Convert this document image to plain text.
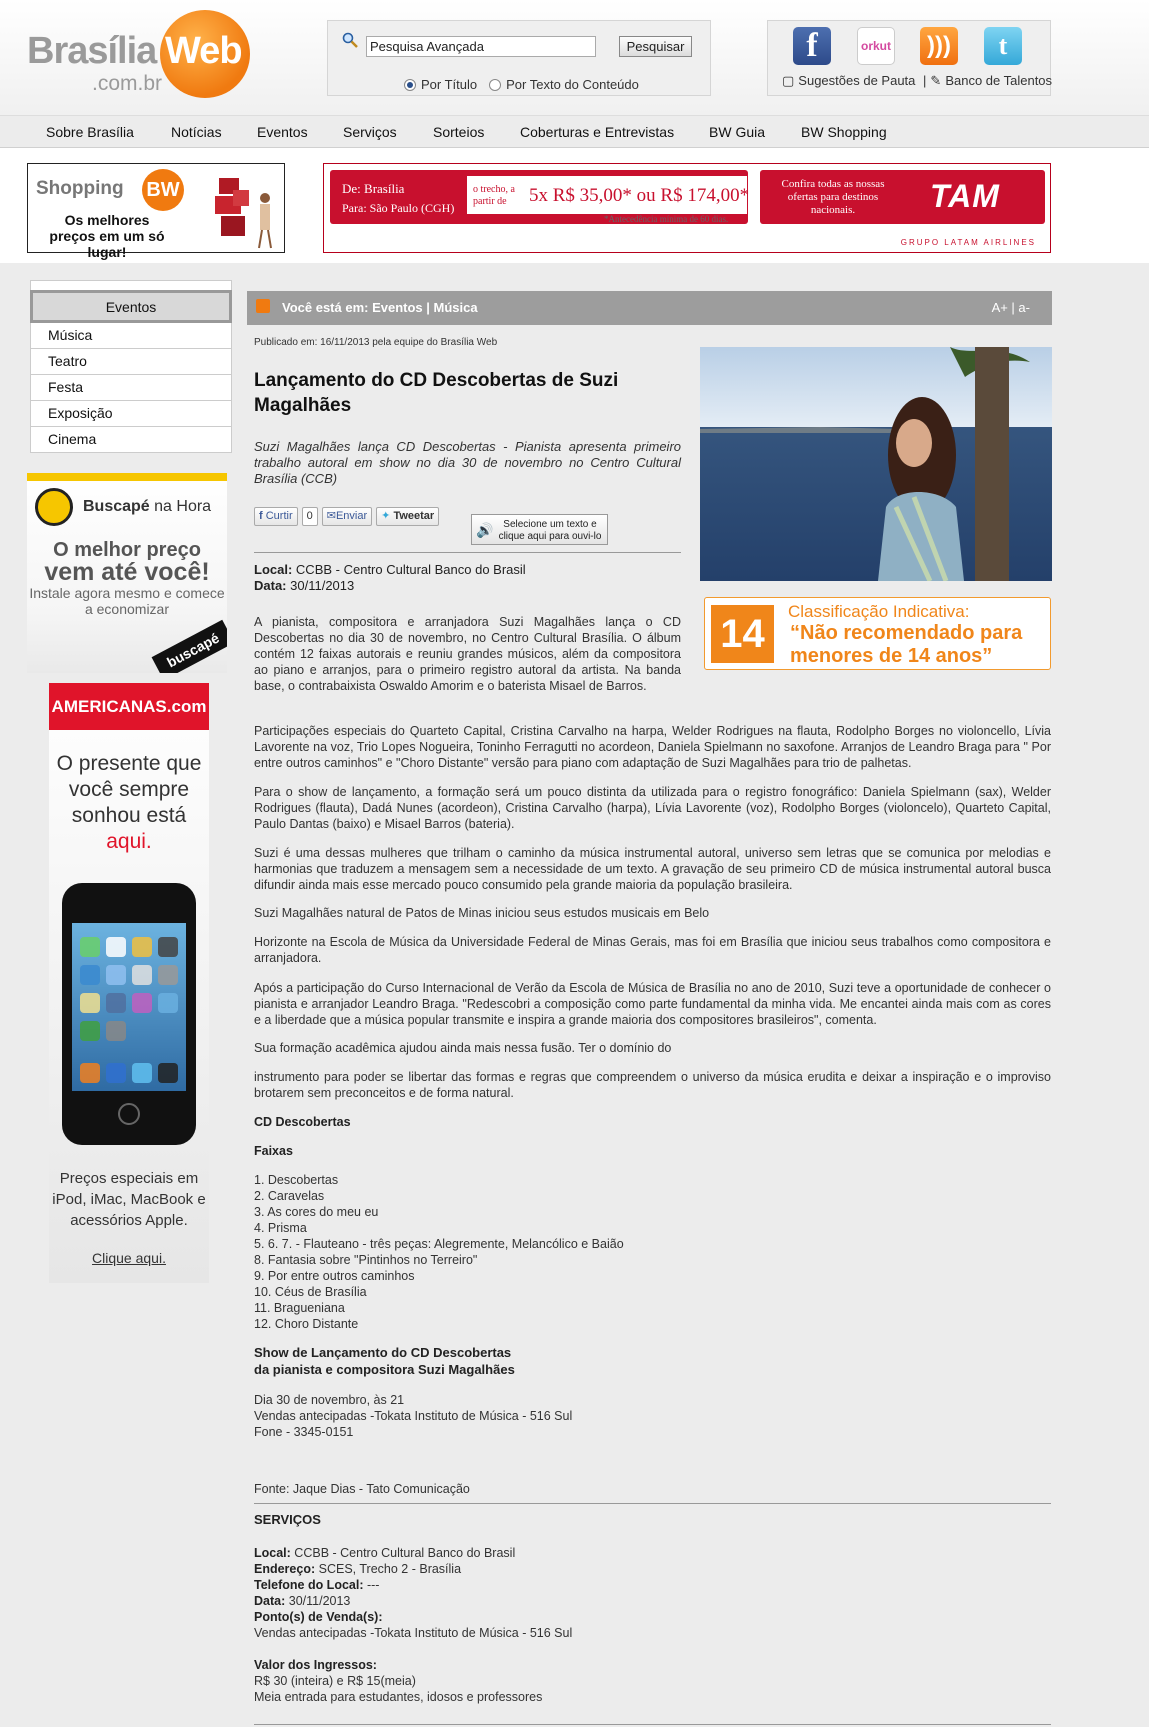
Brasília Web
.com.br
Pesquisa Avançada
Pesquisar
Por Título Por Texto do Conteúdo
f	orkut )))	t
▢ Sugestões de Pauta | ✎ Banco de Talentos
Sobre Brasília	Notícias	Eventos	Serviços	Sorteios	Coberturas e Entrevistas BW Guia	BW Shopping
Shopping BW
Os melhores preços em um só lugar!
De: Brasília
Para: São Paulo (CGH)
o trecho, a partir de	5x R$ 35,00* ou R$ 174,00*
*Antecedência mínima de 60 dias.
Confira todas as nossas ofertas para destinos nacionais.	TAM
GRUPO LATAM AIRLINES
Eventos
Música
Teatro
Festa
Exposição
Cinema
Buscapé na Hora
O melhor preço
vem até você!
Instale agora mesmo e comece a economizar
buscapé
AMERICANAS.com
O presente que você sempre sonhou está aqui.
Preços especiais em iPod, iMac, MacBook e acessórios Apple.
Clique aqui.
Você está em: Eventos | Música	A+ | a-
Publicado em: 16/11/2013 pela equipe do Brasília Web
Lançamento do CD Descobertas de Suzi Magalhães
Suzi Magalhães lança CD Descobertas - Pianista apresenta primeiro trabalho autoral em show no dia 30 de novembro no Centro Cultural Brasília (CCB)
f Curtir	0	✉Enviar	✦ Tweetar
🔊 Selecione um texto e clique aqui para ouvi-lo
Local: CCBB - Centro Cultural Banco do Brasil
Data: 30/11/2013
14	Classificação Indicativa:
“Não recomendado para menores de 14 anos”

A pianista, compositora e arranjadora Suzi Magalhães lança o CD Descobertas no dia 30 de novembro, no Centro Cultural Brasília. O álbum contém 12 faixas autorais e reuniu grandes músicos, além da compositora ao piano e arranjos, para o primeiro registro autoral da artista. Na banda base, o contrabaixista Oswaldo Amorim e o baterista Misael de Barros.

Participações especiais do Quarteto Capital, Cristina Carvalho na harpa, Welder Rodrigues na flauta, Rodolpho Borges no violoncello, Lívia Lavorente na voz, Trio Lopes Nogueira, Toninho Ferragutti no acordeon, Daniela Spielmann no saxofone. Arranjos de Leandro Braga para " Por entre outros caminhos" e "Choro Distante" versão para piano com adaptação de Suzi Magalhães para trio de palhetas.

Para o show de lançamento, a formação será um pouco distinta da utilizada para o registro fonográfico: Daniela Spielmann (sax), Welder Rodrigues (flauta), Dadá Nunes (acordeon), Cristina Carvalho (harpa), Lívia Lavorente (voz), Rodolpho Borges (violoncelo), Quarteto Capital, Paulo Dantas (baixo) e Misael Barros (bateria).

Suzi é uma dessas mulheres que trilham o caminho da música instrumental autoral, universo sem letras que se comunica por melodias e harmonias que traduzem a mensagem sem a necessidade de um texto. A gravação de seu primeiro CD de música instrumental autoral busca difundir ainda mais esse mercado pouco consumido pela grande maioria da população brasileira.

Suzi Magalhães natural de Patos de Minas iniciou seus estudos musicais em Belo

Horizonte na Escola de Música da Universidade Federal de Minas Gerais, mas foi em Brasília que iniciou seus trabalhos como compositora e arranjadora.

Após a participação do Curso Internacional de Verão da Escola de Música de Brasília no ano de 2010, Suzi teve a oportunidade de conhecer o pianista e arranjador Leandro Braga. "Redescobri a composição como parte fundamental da minha vida. Me encantei ainda mais com as cores e a liberdade que a música popular transmite e inspira a grande maioria dos compositores brasileiros", comenta.

Sua formação acadêmica ajudou ainda mais nessa fusão. Ter o domínio do

instrumento para poder se libertar das formas e regras que compreendem o universo da música erudita e deixar a inspiração e o improviso brotarem sem preconceitos e de forma natural.

CD Descobertas

Faixas

1. Descobertas
2. Caravelas
3. As cores do meu eu
4. Prisma
5. 6. 7. - Flauteano - três peças: Alegremente, Melancólico e Baião
8. Fantasia sobre "Pintinhos no Terreiro"
9. Por entre outros caminhos
10. Céus de Brasília
11. Bragueniana
12. Choro Distante
Show de Lançamento do CD Descobertas
da pianista e compositora Suzi Magalhães
Dia 30 de novembro, às 21
Vendas antecipadas -Tokata Instituto de Música - 516 Sul
Fone - 3345-0151
Fonte: Jaque Dias - Tato Comunicação
SERVIÇOS
Local: CCBB - Centro Cultural Banco do Brasil
Endereço: SCES, Trecho 2 - Brasília
Telefone do Local: ---
Data: 30/11/2013
Ponto(s) de Venda(s):
Vendas antecipadas -Tokata Instituto de Música - 516 Sul
Valor dos Ingressos:
R$ 30 (inteira) e R$ 15(meia)
Meia entrada para estudantes, idosos e professores
